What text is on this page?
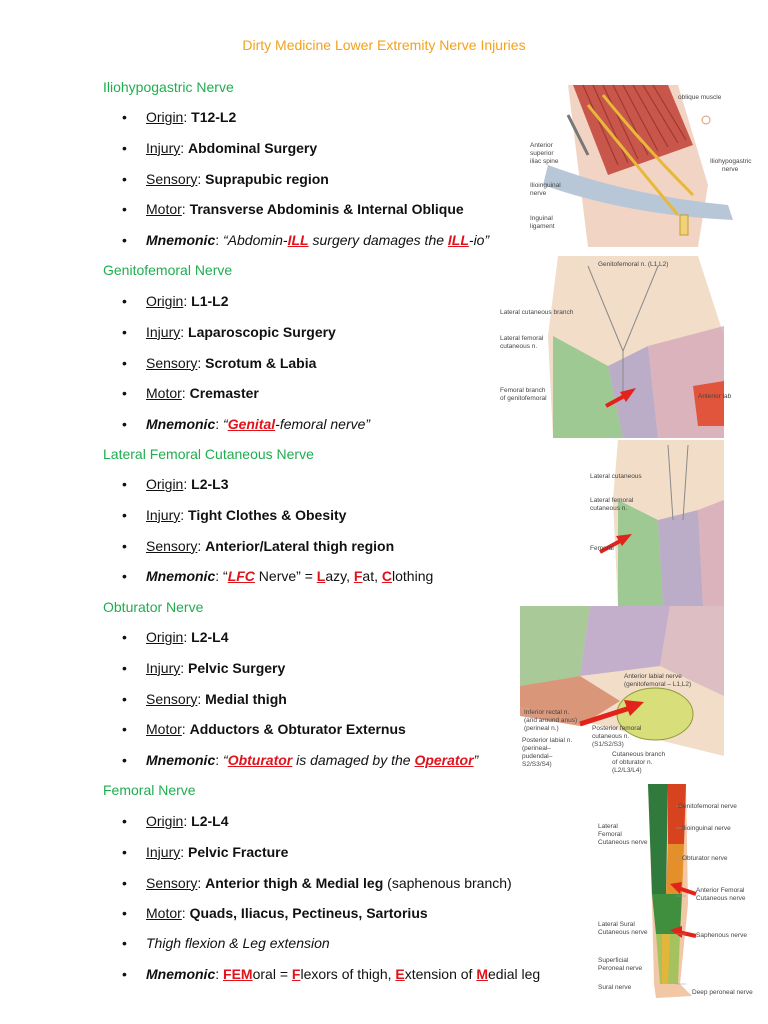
Dirty Medicine Lower Extremity Nerve Injuries
Iliohypogastric Nerve
• Origin: T12-L2
• Injury: Abdominal Surgery
• Sensory: Suprapubic region
• Motor: Transverse Abdominis & Internal Oblique
• Mnemonic: “Abdomin-ILL surgery damages the ILL-io”
oblique muscle
Anterior
superior
iliac spine
Ilioinguinal
nerve
Inguinal
ligament
Iliohypogastric
nerve
Genitofemoral Nerve
• Origin: L1-L2
• Injury: Laparoscopic Surgery
• Sensory: Scrotum & Labia
• Motor: Cremaster
• Mnemonic: “Genital-femoral nerve”
Genitofemoral n. (L1,L2)
Lateral cutaneous branch
Lateral femoral
cutaneous n.
Femoral branch
of genitofemoral	Anterior lab
Lateral Femoral Cutaneous Nerve
• Origin: L2-L3
• Injury: Tight Clothes & Obesity
• Sensory: Anterior/Lateral thigh region
• Mnemonic: “LFC Nerve” = Lazy, Fat, Clothing
Lateral cutaneous
Lateral femoral
cutaneous n.
Femoral
Obturator Nerve
• Origin: L2-L4
• Injury: Pelvic Surgery
• Sensory: Medial thigh
• Motor: Adductors & Obturator Externus
• Mnemonic: “Obturator is damaged by the Operator”
Anterior labial nerve
(genitofemoral – L1,L2)
Inferior rectal n.
(and around anus)
(perineal n.)
Posterior labial n.
(perineal–
pudendal–
S2/S3/S4)
Posterior femoral
cutaneous n.
(S1/S2/S3)
Cutaneous branch
of obturator n.
(L2/L3/L4)
Femoral Nerve
• Origin: L2-L4
• Injury: Pelvic Fracture
• Sensory: Anterior thigh & Medial leg (saphenous branch)
• Motor: Quads, Iliacus, Pectineus, Sartorius
• Thigh flexion & Leg extension
• Mnemonic: FEMoral = Flexors of thigh, Extension of Medial leg
Genitofemoral nerve
Ilioinguinal nerve
Lateral
Femoral
Cutaneous nerve
Obturator nerve
Anterior Femoral
Cutaneous nerve
Lateral Sural
Cutaneous nerve	Saphenous nerve
Superficial
Peroneal nerve
Sural nerve
Deep peroneal nerve
